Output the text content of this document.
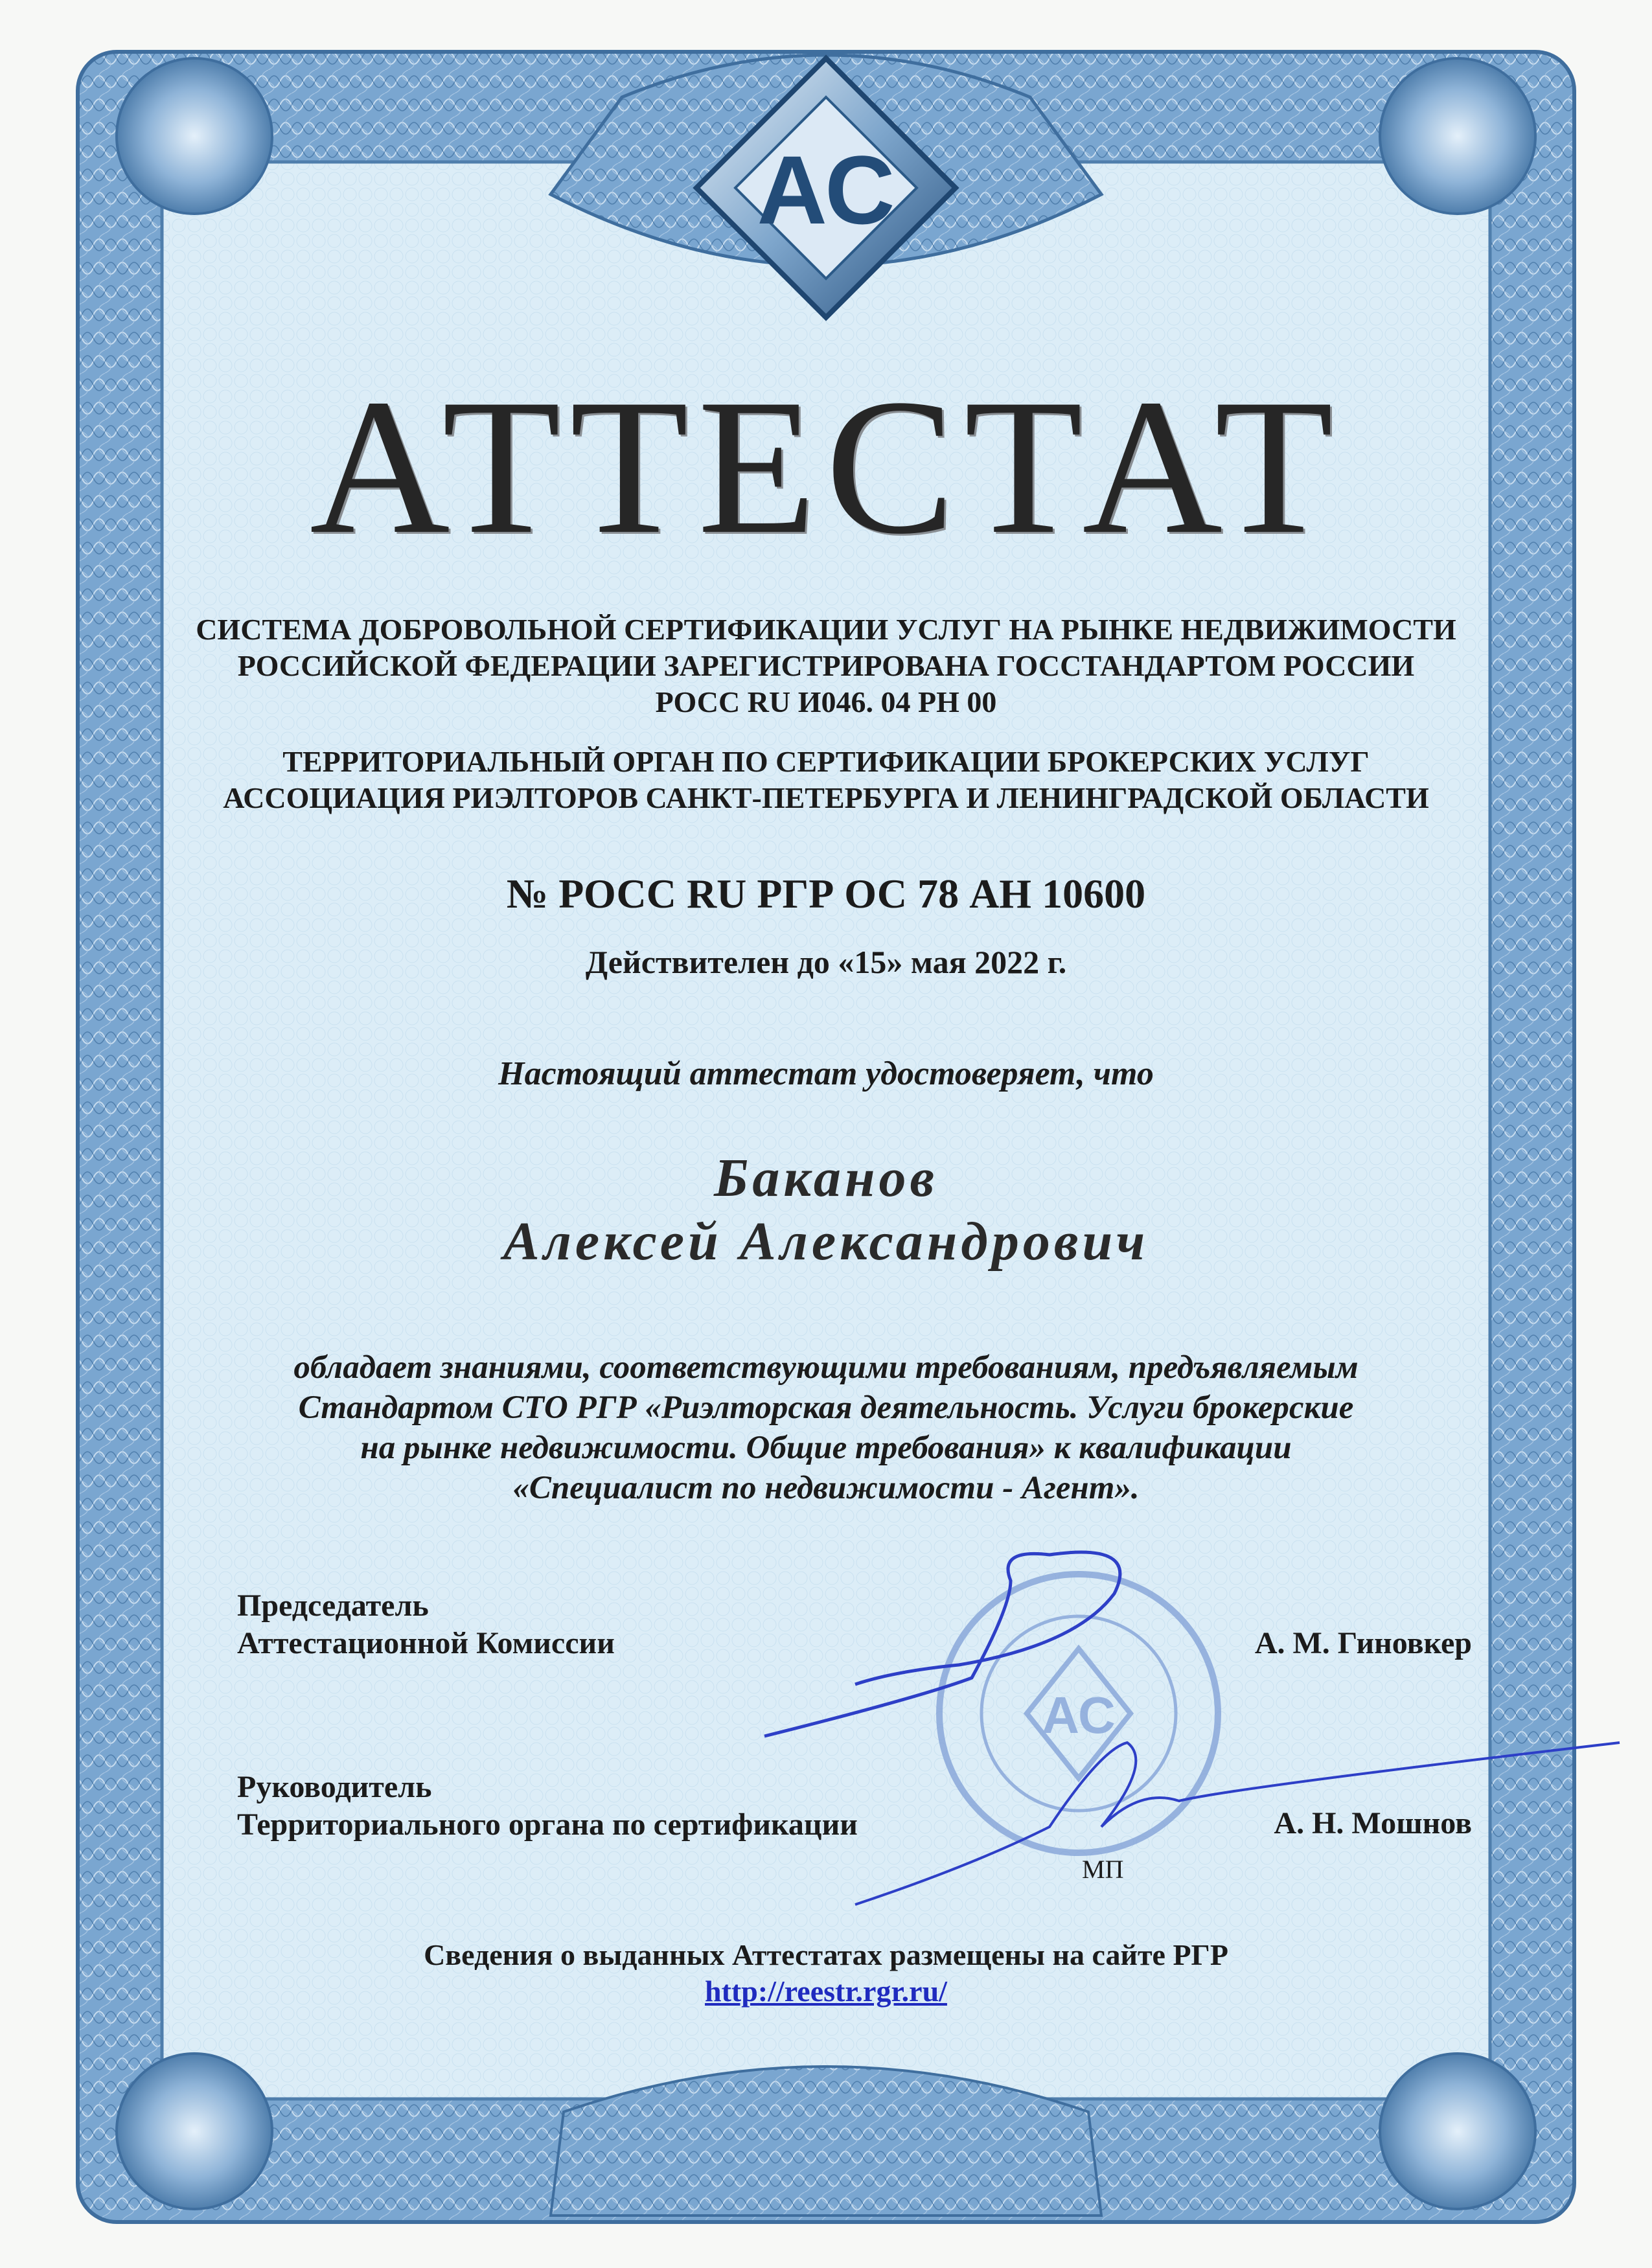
АС
АС
АТТЕСТАТ
СИСТЕМА ДОБРОВОЛЬНОЙ СЕРТИФИКАЦИИ УСЛУГ НА РЫНКЕ НЕДВИЖИМОСТИ
РОССИЙСКОЙ ФЕДЕРАЦИИ ЗАРЕГИСТРИРОВАНА ГОССТАНДАРТОМ РОССИИ
РОСС RU И046. 04 РН 00
ТЕРРИТОРИАЛЬНЫЙ ОРГАН ПО СЕРТИФИКАЦИИ БРОКЕРСКИХ УСЛУГ
АССОЦИАЦИЯ РИЭЛТОРОВ САНКТ-ПЕТЕРБУРГА И ЛЕНИНГРАДСКОЙ ОБЛАСТИ
№ РОСС RU РГР ОС 78 АН 10600
Действителен до «15» мая 2022 г.
Настоящий аттестат удостоверяет, что
Баканов
Алексей Александрович
обладает знаниями, соответствующими требованиям, предъявляемым
Стандартом СТО РГР «Риэлторская деятельность. Услуги брокерские
на рынке недвижимости. Общие требования» к квалификации
«Специалист по недвижимости - Агент».
Председатель
Аттестационной Комиссии	А. М. Гиновкер
Руководитель
Территориального органа по сертификации	А. Н. Мошнов
МП
Сведения о выданных Аттестатах размещены на сайте РГР
http://reestr.rgr.ru/
